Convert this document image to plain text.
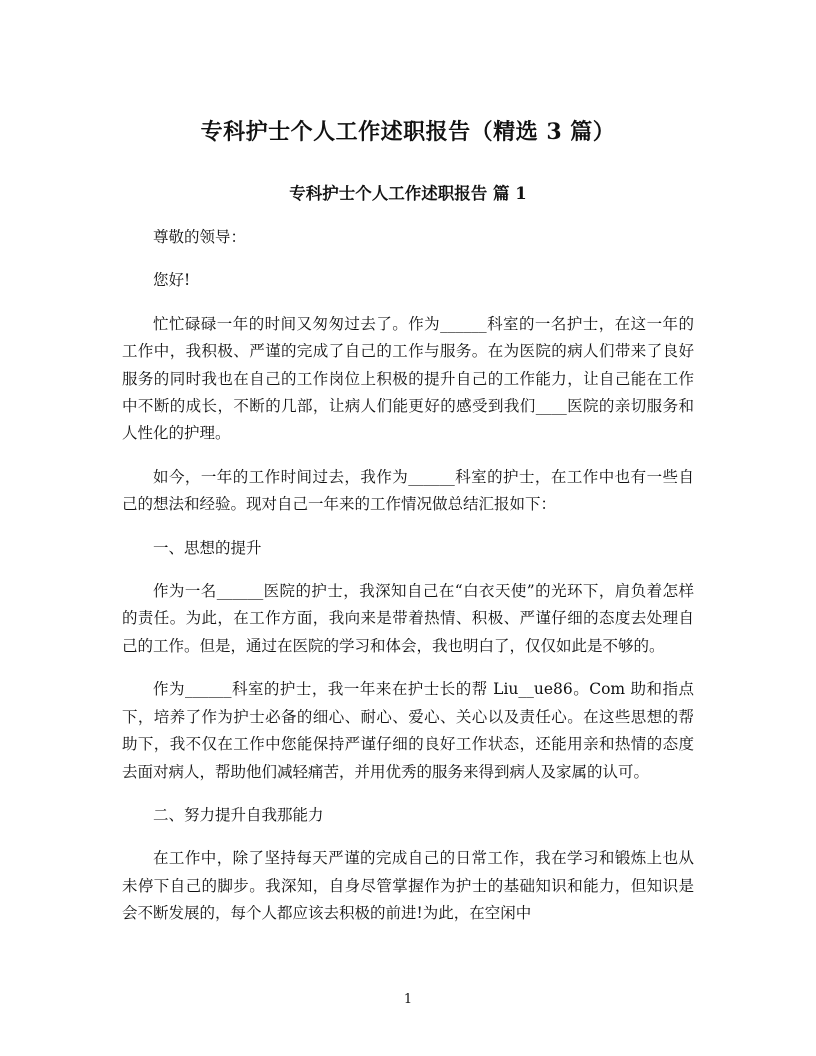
专科护士个人工作述职报告（精选 3 篇）
专科护士个人工作述职报告 篇 1

尊敬的领导：

您好!

忙忙碌碌一年的时间又匆匆过去了。作为______科室的一名护士，在这一年的工作中，我积极、严谨的完成了自己的工作与服务。在为医院的病人们带来了良好服务的同时我也在自己的工作岗位上积极的提升自己的工作能力，让自己能在工作中不断的成长，不断的几部，让病人们能更好的感受到我们____医院的亲切服务和人性化的护理。

如今，一年的工作时间过去，我作为______科室的护士，在工作中也有一些自己的想法和经验。现对自己一年来的工作情况做总结汇报如下：

一、思想的提升

作为一名______医院的护士，我深知自己在“白衣天使”的光环下，肩负着怎样的责任。为此，在工作方面，我向来是带着热情、积极、严谨仔细的态度去处理自己的工作。但是，通过在医院的学习和体会，我也明白了，仅仅如此是不够的。

作为______科室的护士，我一年来在护士长的帮 Liu__ue86。Com 助和指点下，培养了作为护士必备的细心、耐心、爱心、关心以及责任心。在这些思想的帮助下，我不仅在工作中您能保持严谨仔细的良好工作状态，还能用亲和热情的态度去面对病人，帮助他们减轻痛苦，并用优秀的服务来得到病人及家属的认可。

二、努力提升自我那能力

在工作中，除了坚持每天严谨的完成自己的日常工作，我在学习和锻炼上也从未停下自己的脚步。我深知，自身尽管掌握作为护士的基础知识和能力，但知识是会不断发展的，每个人都应该去积极的前进!为此，在空闲中

1
